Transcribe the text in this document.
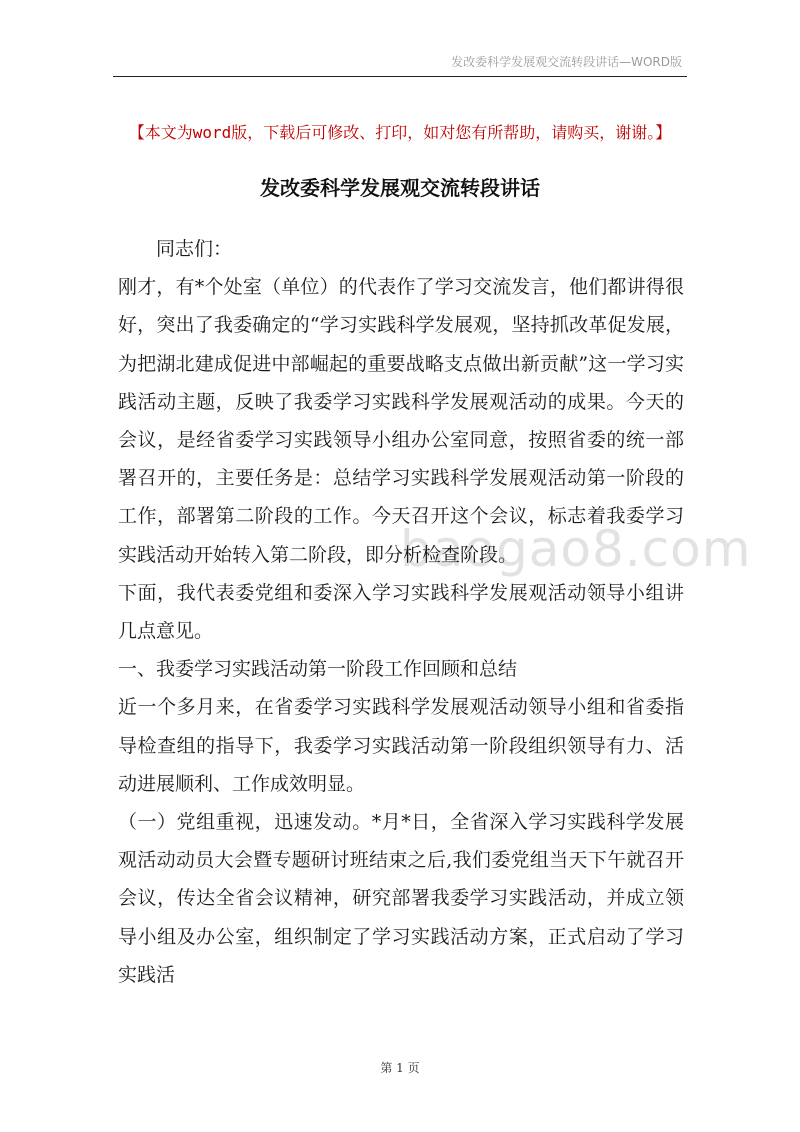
发改委科学发展观交流转段讲话—WORD版
【本文为word版，下载后可修改、打印，如对您有所帮助，请购买，谢谢。】
发改委科学发展观交流转段讲话
baogao8.com

同志们：

刚才，有*个处室（单位）的代表作了学习交流发言，他们都讲得很好，突出了我委确定的“学习实践科学发展观，坚持抓改革促发展，为把湖北建成促进中部崛起的重要战略支点做出新贡献”这一学习实践活动主题，反映了我委学习实践科学发展观活动的成果。今天的会议，是经省委学习实践领导小组办公室同意，按照省委的统一部署召开的，主要任务是：总结学习实践科学发展观活动第一阶段的工作，部署第二阶段的工作。今天召开这个会议，标志着我委学习实践活动开始转入第二阶段，即分析检查阶段。

下面，我代表委党组和委深入学习实践科学发展观活动领导小组讲几点意见。

一、我委学习实践活动第一阶段工作回顾和总结

近一个多月来，在省委学习实践科学发展观活动领导小组和省委指导检查组的指导下，我委学习实践活动第一阶段组织领导有力、活动进展顺利、工作成效明显。

（一）党组重视，迅速发动。*月*日，全省深入学习实践科学发展观活动动员大会暨专题研讨班结束之后,我们委党组当天下午就召开会议，传达全省会议精神，研究部署我委学习实践活动，并成立领导小组及办公室，组织制定了学习实践活动方案，正式启动了学习实践活

第 1 页
